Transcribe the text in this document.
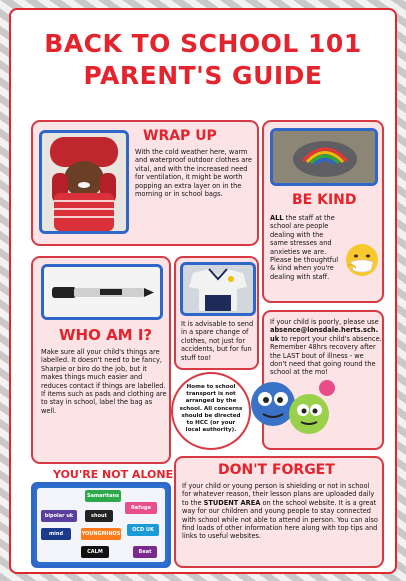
BACK TO SCHOOL 101
PARENT'S GUIDE
WRAP UP
With the cold weather here, warm and waterproof outdoor clothes are vital, and with the increased need for ventilation, it might be worth popping an extra layer on in the morning or in school bags.	BE KIND
ALL the staff at the school are people dealing with the same stresses and anxieties we are. Please be thoughtful & kind when you're dealing with staff.
WHO AM I?
Make sure all your child's things are labelled. It doesn't need to be fancy, Sharpie or biro do the job, but it makes things much easier and reduces contact if things are labelled. If items such as pads and clothing are to stay in school, label the bag as well.
It is advisable to send in a spare change of clothes, not just for accidents, but for fun stuff too!
If your child is poorly, please use absence@lonsdale.herts.sch.uk to report your child's absence. Remember 48hrs recovery after the LAST bout of illness - we don't need that going round the school at the mo!
Home to school transport is not arranged by the school. All concerns should be directed to HCC (or your local authority).
YOU'RE NOT ALONE
Samaritans
Refuge
bipolar uk	shout
mind	YOUNGMINDS
OCD UK
CALM	Beat
DON'T FORGET
If your child or young person is shielding or not in school for whatever reason, their lesson plans are uploaded daily to the STUDENT AREA on the school website. It is a great way for our children and young people to stay connected with school while not able to attend in person. You can also find loads of other information here along with top tips and links to useful websites.
